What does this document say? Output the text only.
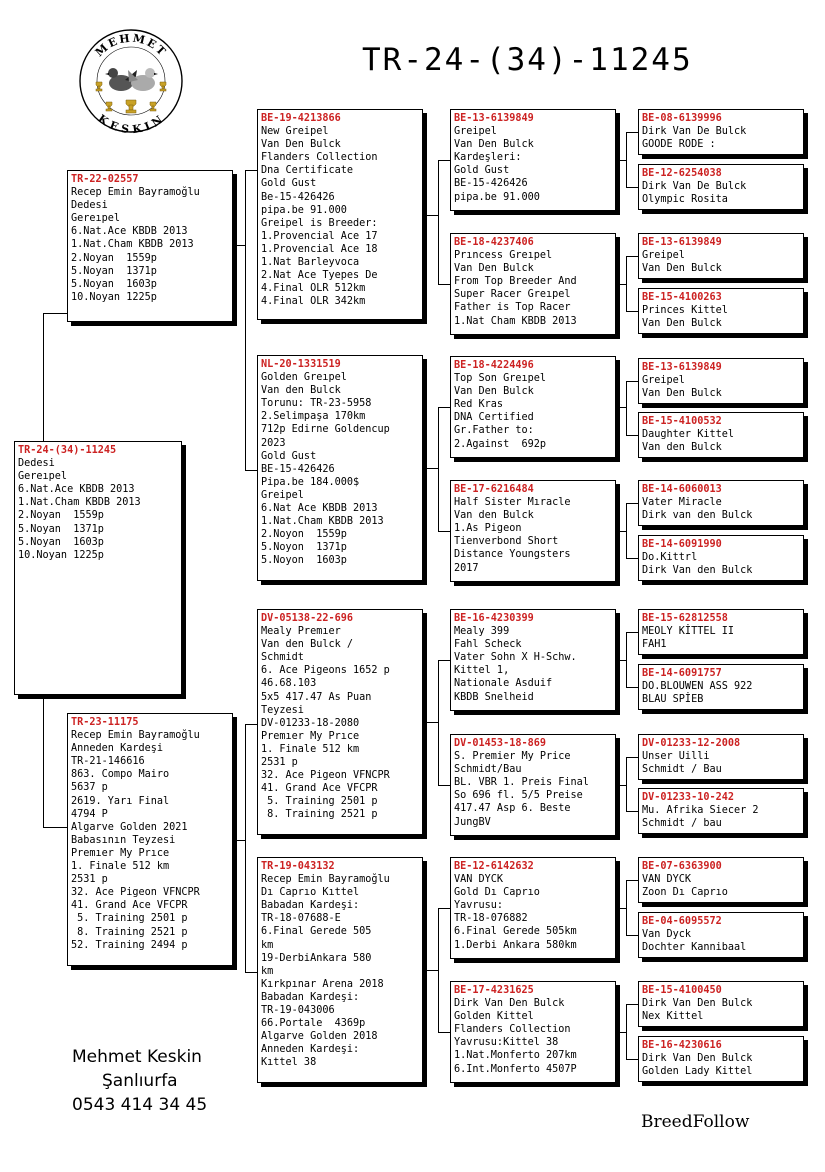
MEHMET
KESKIN
TR-24-(34)-11245
TR-24-(34)-11245
Dedesi
Gereıpel
6.Nat.Ace KBDB 2013
1.Nat.Cham KBDB 2013
2.Noyan  1559p
5.Noyan  1371p
5.Noyan  1603p
10.Noyan 1225p
TR-22-02557
Recep Emin Bayramoğlu
Dedesi
Gereıpel
6.Nat.Ace KBDB 2013
1.Nat.Cham KBDB 2013
2.Noyan  1559p
5.Noyan  1371p
5.Noyan  1603p
10.Noyan 1225p
TR-23-11175
Recep Emin Bayramoğlu
Anneden Kardeşi
TR-21-146616
863. Compo Mairo
5637 p
2619. Yarı Final
4794 P
Algarve Golden 2021
Babasının Teyzesi
Premıer My Prıce
1. Finale 512 km
2531 p
32. Ace Pigeon VFNCPR
41. Grand Ace VFCPR
5. Training 2501 p
8. Training 2521 p
52. Training 2494 p
BE-19-4213866
New Greipel
Van Den Bulck
Flanders Collection
Dna Certificate
Gold Gust
Be-15-426426
pipa.be 91.000
Greipel is Breeder:
1.Provencial Ace 17
1.Provencial Ace 18
1.Nat Barleyvoca
2.Nat Ace Tyepes De
4.Final OLR 512km
4.Final OLR 342km
NL-20-1331519
Golden Greıpel
Van den Bulck
Torunu: TR-23-5958
2.Selimpaşa 170km
712p Edirne Goldencup
2023
Gold Gust
BE-15-426426
Pipa.be 184.000$
Greipel
6.Nat Ace KBDB 2013
1.Nat.Cham KBDB 2013
2.Noyon  1559p
5.Noyon  1371p
5.Noyon  1603p
DV-05138-22-696
Mealy Premıer
Van den Bulck /
Schmidt
6. Ace Pigeons 1652 p
46.68.103
5x5 417.47 As Puan
Teyzesi
DV-01233-18-2080
Premıer My Prıce
1. Finale 512 km
2531 p
32. Ace Pigeon VFNCPR
41. Grand Ace VFCPR
5. Training 2501 p
8. Training 2521 p
TR-19-043132
Recep Emin Bayramoğlu
Dı Caprıo Kıttel
Babadan Kardeşi:
TR-18-07688-E
6.Final Gerede 505
km
19-DerbiAnkara 580
km
Kırkpınar Arena 2018
Babadan Kardeşi:
TR-19-043006
66.Portale  4369p
Algarve Golden 2018
Anneden Kardeşi:
Kıttel 38
BE-13-6139849
Greipel
Van Den Bulck
Kardeşleri:
Gold Gust
BE-15-426426
pipa.be 91.000
BE-18-4237406
Prıncess Greıpel
Van Den Bulck
From Top Breeder And
Super Racer Greıpel
Father is Top Racer
1.Nat Cham KBDB 2013
BE-18-4224496
Top Son Greıpel
Van Den Bulck
Red Kras
DNA Certified
Gr.Father to:
2.Against  692p
BE-17-6216484
Half Sister Mıracle
Van den Bulck
1.As Pigeon
Tienverbond Short
Distance Youngsters
2017
BE-16-4230399
Mealy 399
Fahl Scheck
Vater Sohn X H-Schw.
Kittel 1,
Nationale Asduif
KBDB Snelheid
DV-01453-18-869
S. Premier My Price
Schmidt/Bau
BL. VBR 1. Preis Final
So 696 fl. 5/5 Preise
417.47 Asp 6. Beste
JungВV
BE-12-6142632
VAN DYCK
Gold Dı Caprıo
Yavrusu:
TR-18-076882
6.Final Gerede 505km
1.Derbi Ankara 580km
BE-17-4231625
Dirk Van Den Bulck
Golden Kittel
Flanders Collection
Yavrusu:Kittel 38
1.Nat.Monferto 207km
6.Int.Monferto 4507P
BE-08-6139996
Dirk Van De Bulck
GOODE RODE :
BE-12-6254038
Dirk Van De Bulck
Olympic Rosita
BE-13-6139849
Greipel
Van Den Bulck
BE-15-4100263
Princes Kittel
Van Den Bulck
BE-13-6139849
Greipel
Van Den Bulck
BE-15-4100532
Daughter Kittel
Van den Bulck
BE-14-6060013
Vater Miracle
Dirk van den Bulck
BE-14-6091990
Do.Kittrl
Dirk Van den Bulck
BE-15-62812558
MEOLY KİTTEL II
FAH1
BE-14-6091757
DO.BLOUWEN ASS 922
BLAU SPİEB
DV-01233-12-2008
Unser Uilli
Schmidt / Bau
DV-01233-10-242
Mu. Afrika Siecer 2
Schmidt / bau
BE-07-6363900
VAN DYCK
Zoon Dı Caprıo
BE-04-6095572
Van Dyck
Dochter Kannibaal
BE-15-4100450
Dirk Van Den Bulck
Nex Kittel
BE-16-4230616
Dirk Van Den Bulck
Golden Lady Kittel
Mehmet Keskin
Şanlıurfa
0543 414 34 45
BreedFollow
